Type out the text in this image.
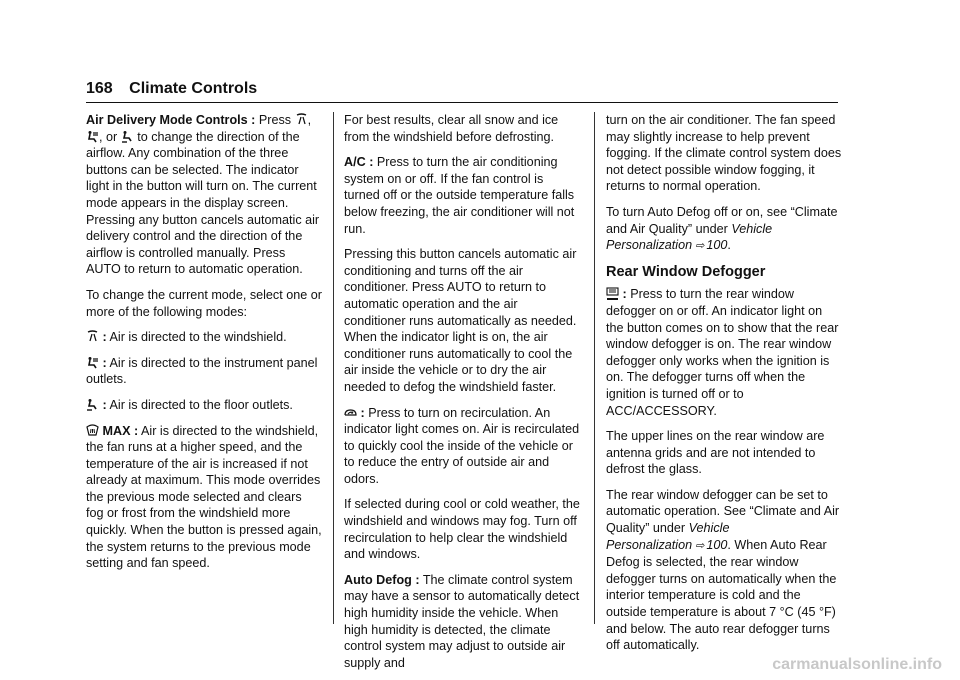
168 Climate Controls

Air Delivery Mode Controls : Press ,
, or to change the direction of the airflow. Any combination of the three buttons can be selected. The indicator light in the button will turn on. The current mode appears in the display screen. Pressing any button cancels automatic air delivery control and the direction of the airflow is controlled manually. Press AUTO to return to automatic operation.

To change the current mode, select one or more of the following modes:

: Air is directed to the windshield.

: Air is directed to the instrument panel outlets.

: Air is directed to the floor outlets.

MAX : Air is directed to the windshield, the fan runs at a higher speed, and the temperature of the air is increased if not already at maximum. This mode overrides the previous mode selected and clears fog or frost from the windshield more quickly. When the button is pressed again, the system returns to the previous mode setting and fan speed.

For best results, clear all snow and ice from the windshield before defrosting.

A/C : Press to turn the air conditioning system on or off. If the fan control is turned off or the outside temperature falls below freezing, the air conditioner will not run.

Pressing this button cancels automatic air conditioning and turns off the air conditioner. Press AUTO to return to automatic operation and the air conditioner runs automatically as needed. When the indicator light is on, the air conditioner runs automatically to cool the air inside the vehicle or to dry the air needed to defog the windshield faster.

: Press to turn on recirculation. An indicator light comes on. Air is recirculated to quickly cool the inside of the vehicle or to reduce the entry of outside air and odors.

If selected during cool or cold weather, the windshield and windows may fog. Turn off recirculation to help clear the windshield and windows.

Auto Defog : The climate control system may have a sensor to automatically detect high humidity inside the vehicle. When high humidity is detected, the climate control system may adjust to outside air supply and

turn on the air conditioner. The fan speed may slightly increase to help prevent fogging. If the climate control system does not detect possible window fogging, it returns to normal operation.

To turn Auto Defog off or on, see “Climate and Air Quality” under Vehicle Personalization ⇨ 100.

Rear Window Defogger

: Press to turn the rear window defogger on or off. An indicator light on the button comes on to show that the rear window defogger is on. The rear window defogger only works when the ignition is on. The defogger turns off when the ignition is turned off or to ACC/ACCESSORY.

The upper lines on the rear window are antenna grids and are not intended to defrost the glass.

The rear window defogger can be set to automatic operation. See “Climate and Air Quality” under Vehicle Personalization ⇨ 100. When Auto Rear Defog is selected, the rear window defogger turns on automatically when the interior temperature is cold and the outside temperature is about 7 °C (45 °F) and below. The auto rear defogger turns off automatically.

carmanualsonline.info
